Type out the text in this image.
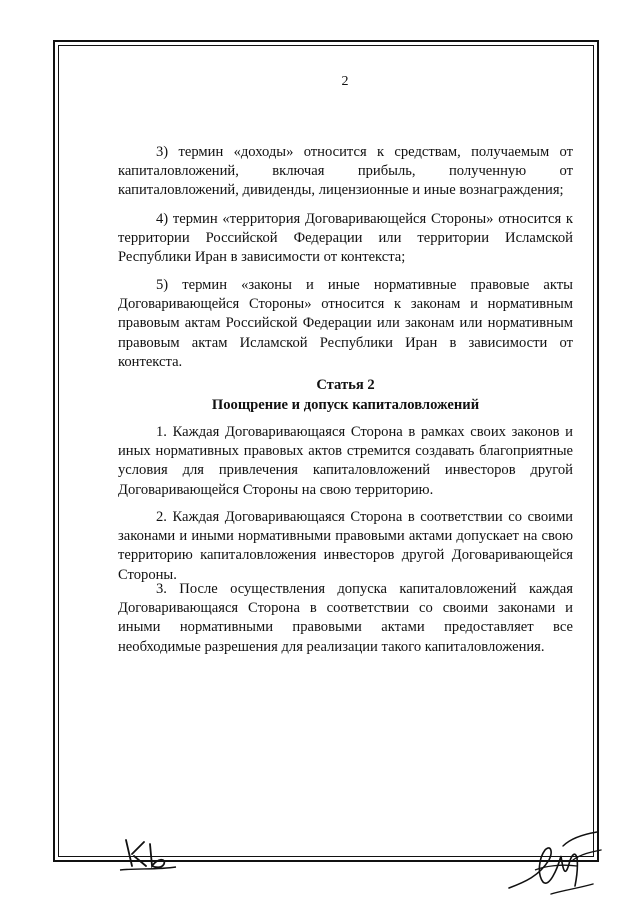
2

3) термин «доходы» относится к средствам, получаемым от капиталовложений, включая прибыль, полученную от капиталовложений, дивиденды, лицензионные и иные вознаграждения;

4) термин «территория Договаривающейся Стороны» относится к территории Российской Федерации или территории Исламской Республики Иран в зависимости от контекста;

5) термин «законы и иные нормативные правовые акты Договаривающейся Стороны» относится к законам и нормативным правовым актам Российской Федерации или законам или нормативным правовым актам Исламской Республики Иран в зависимости от контекста.

Статья 2
Поощрение и допуск капиталовложений

1. Каждая Договаривающаяся Сторона в рамках своих законов и иных нормативных правовых актов стремится создавать благоприятные условия для привлечения капиталовложений инвесторов другой Договаривающейся Стороны на свою территорию.

2. Каждая Договаривающаяся Сторона в соответствии со своими законами и иными нормативными правовыми актами допускает на свою территорию капиталовложения инвесторов другой Договаривающейся Стороны.

3. После осуществления допуска капиталовложений каждая Договаривающаяся Сторона в соответствии со своими законами и иными нормативными правовыми актами предоставляет все необходимые разрешения для реализации такого капиталовложения.
